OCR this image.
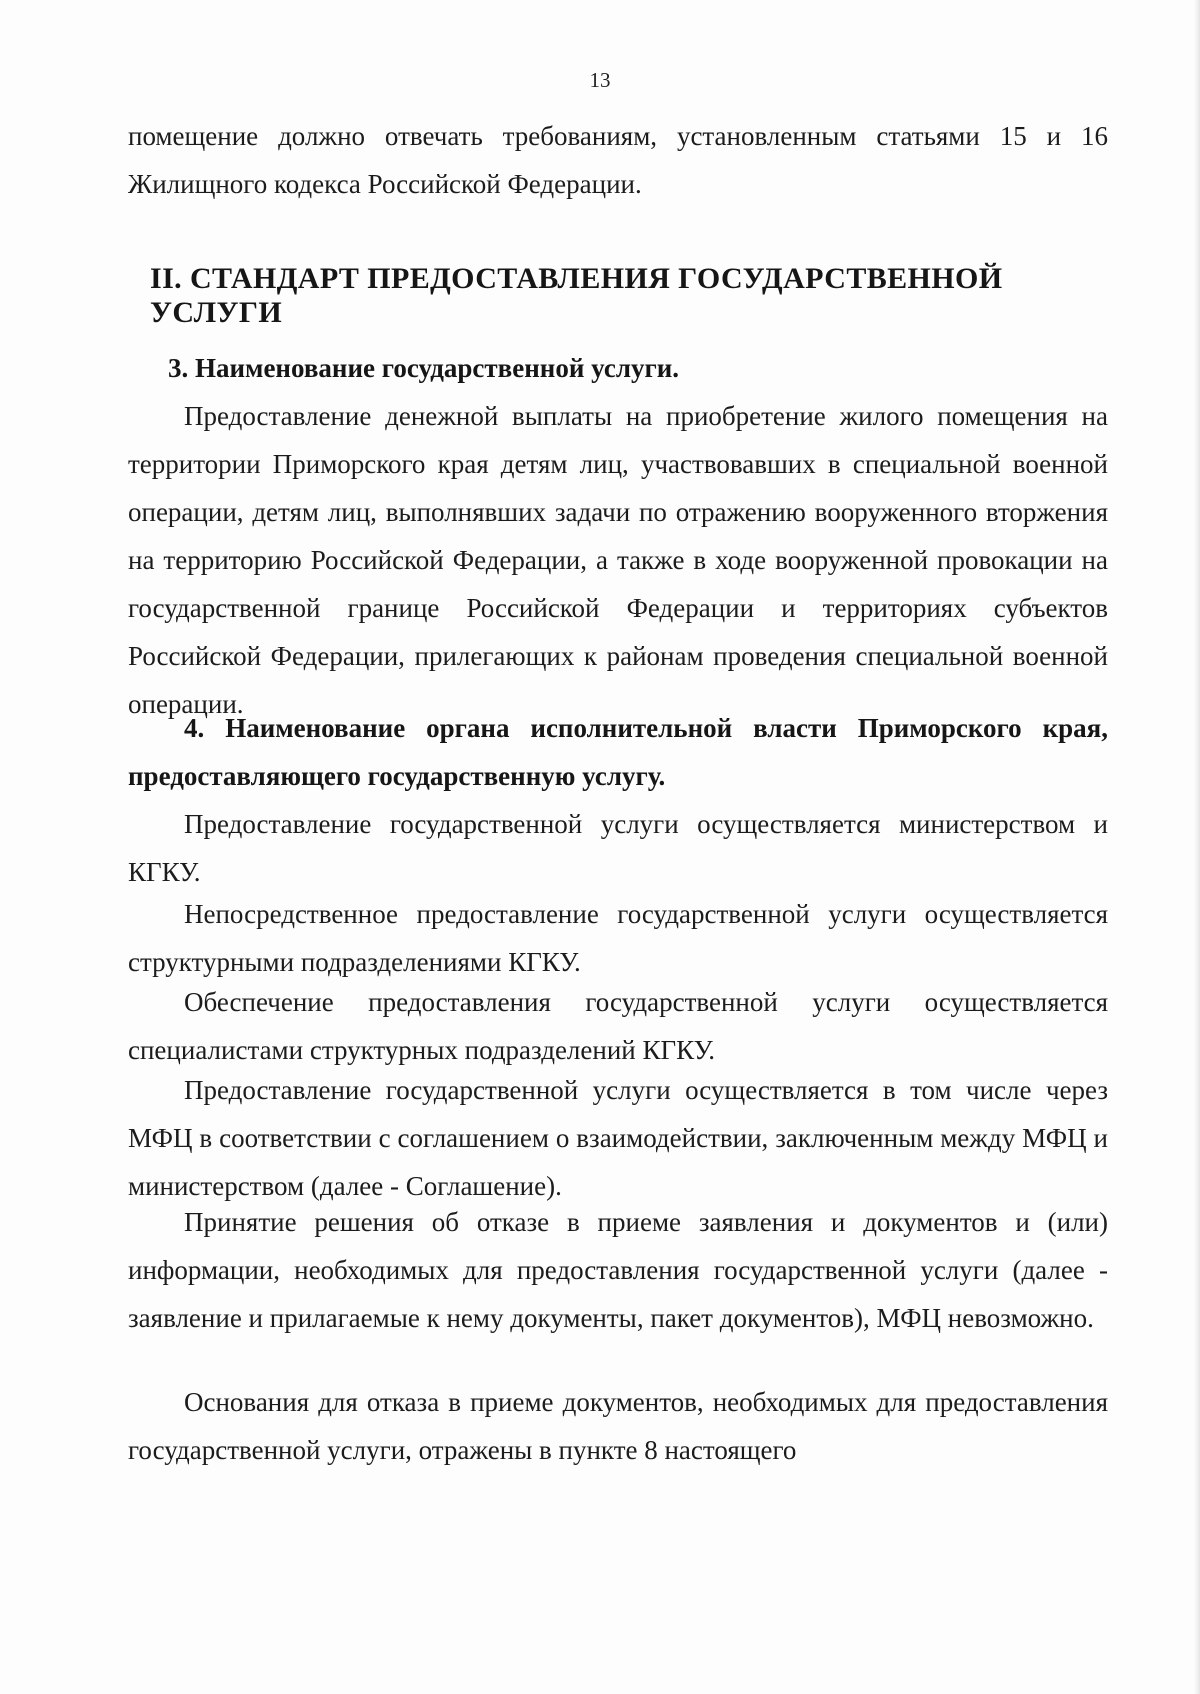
13

помещение должно отвечать требованиям, установленным статьями 15 и 16 Жилищного кодекса Российской Федерации.

II. СТАНДАРТ ПРЕДОСТАВЛЕНИЯ ГОСУДАРСТВЕННОЙ УСЛУГИ
3. Наименование государственной услуги.

Предоставление денежной выплаты на приобретение жилого помещения на территории Приморского края детям лиц, участвовавших в специальной военной операции, детям лиц, выполнявших задачи по отражению вооруженного вторжения на территорию Российской Федерации, а также в ходе вооруженной провокации на государственной границе Российской Федерации и территориях субъектов Российской Федерации, прилегающих к районам проведения специальной военной операции.

4. Наименование органа исполнительной власти Приморского края, предоставляющего государственную услугу.

Предоставление государственной услуги осуществляется министерством и КГКУ.

Непосредственное предоставление государственной услуги осуществляется структурными подразделениями КГКУ.

Обеспечение предоставления государственной услуги осуществляется специалистами структурных подразделений КГКУ.

Предоставление государственной услуги осуществляется в том числе через МФЦ в соответствии с соглашением о взаимодействии, заключенным между МФЦ и министерством (далее - Соглашение).

Принятие решения об отказе в приеме заявления и документов и (или) информации, необходимых для предоставления государственной услуги (далее - заявление и прилагаемые к нему документы, пакет документов), МФЦ невозможно.

Основания для отказа в приеме документов, необходимых для предоставления государственной услуги, отражены в пункте 8 настоящего
